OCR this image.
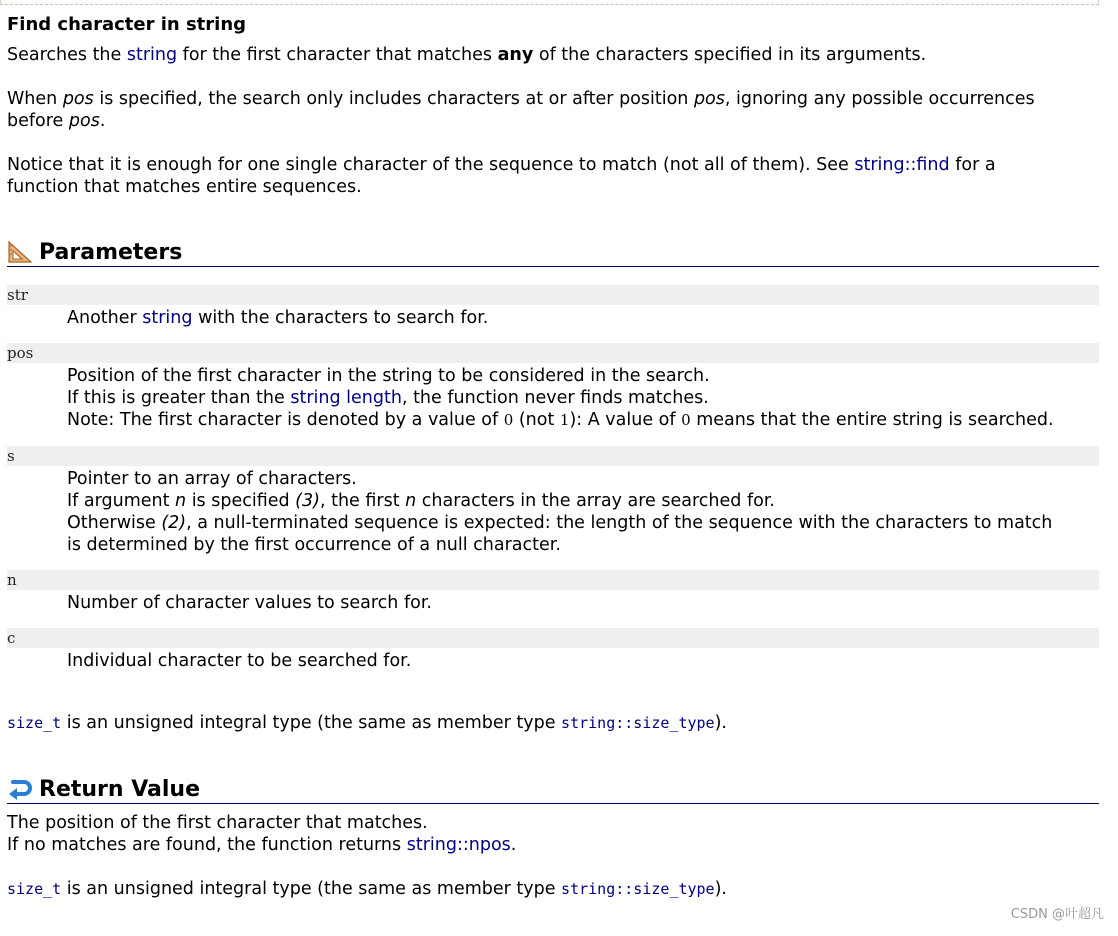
Find character in string
Searches the string for the first character that matches any of the characters specified in its arguments.
When pos is specified, the search only includes characters at or after position pos, ignoring any possible occurrences
before pos.
Notice that it is enough for one single character of the sequence to match (not all of them). See string::find for a
function that matches entire sequences.
Parameters
str
Another string with the characters to search for.
pos
Position of the first character in the string to be considered in the search.
If this is greater than the string length, the function never finds matches.
Note: The first character is denoted by a value of 0 (not 1): A value of 0 means that the entire string is searched.
s
Pointer to an array of characters.
If argument n is specified (3), the first n characters in the array are searched for.
Otherwise (2), a null-terminated sequence is expected: the length of the sequence with the characters to match
is determined by the first occurrence of a null character.
n
Number of character values to search for.
c
Individual character to be searched for.
size_t is an unsigned integral type (the same as member type string::size_type).
Return Value
The position of the first character that matches.
If no matches are found, the function returns string::npos.
size_t is an unsigned integral type (the same as member type string::size_type).
CSDN @叶超凡
